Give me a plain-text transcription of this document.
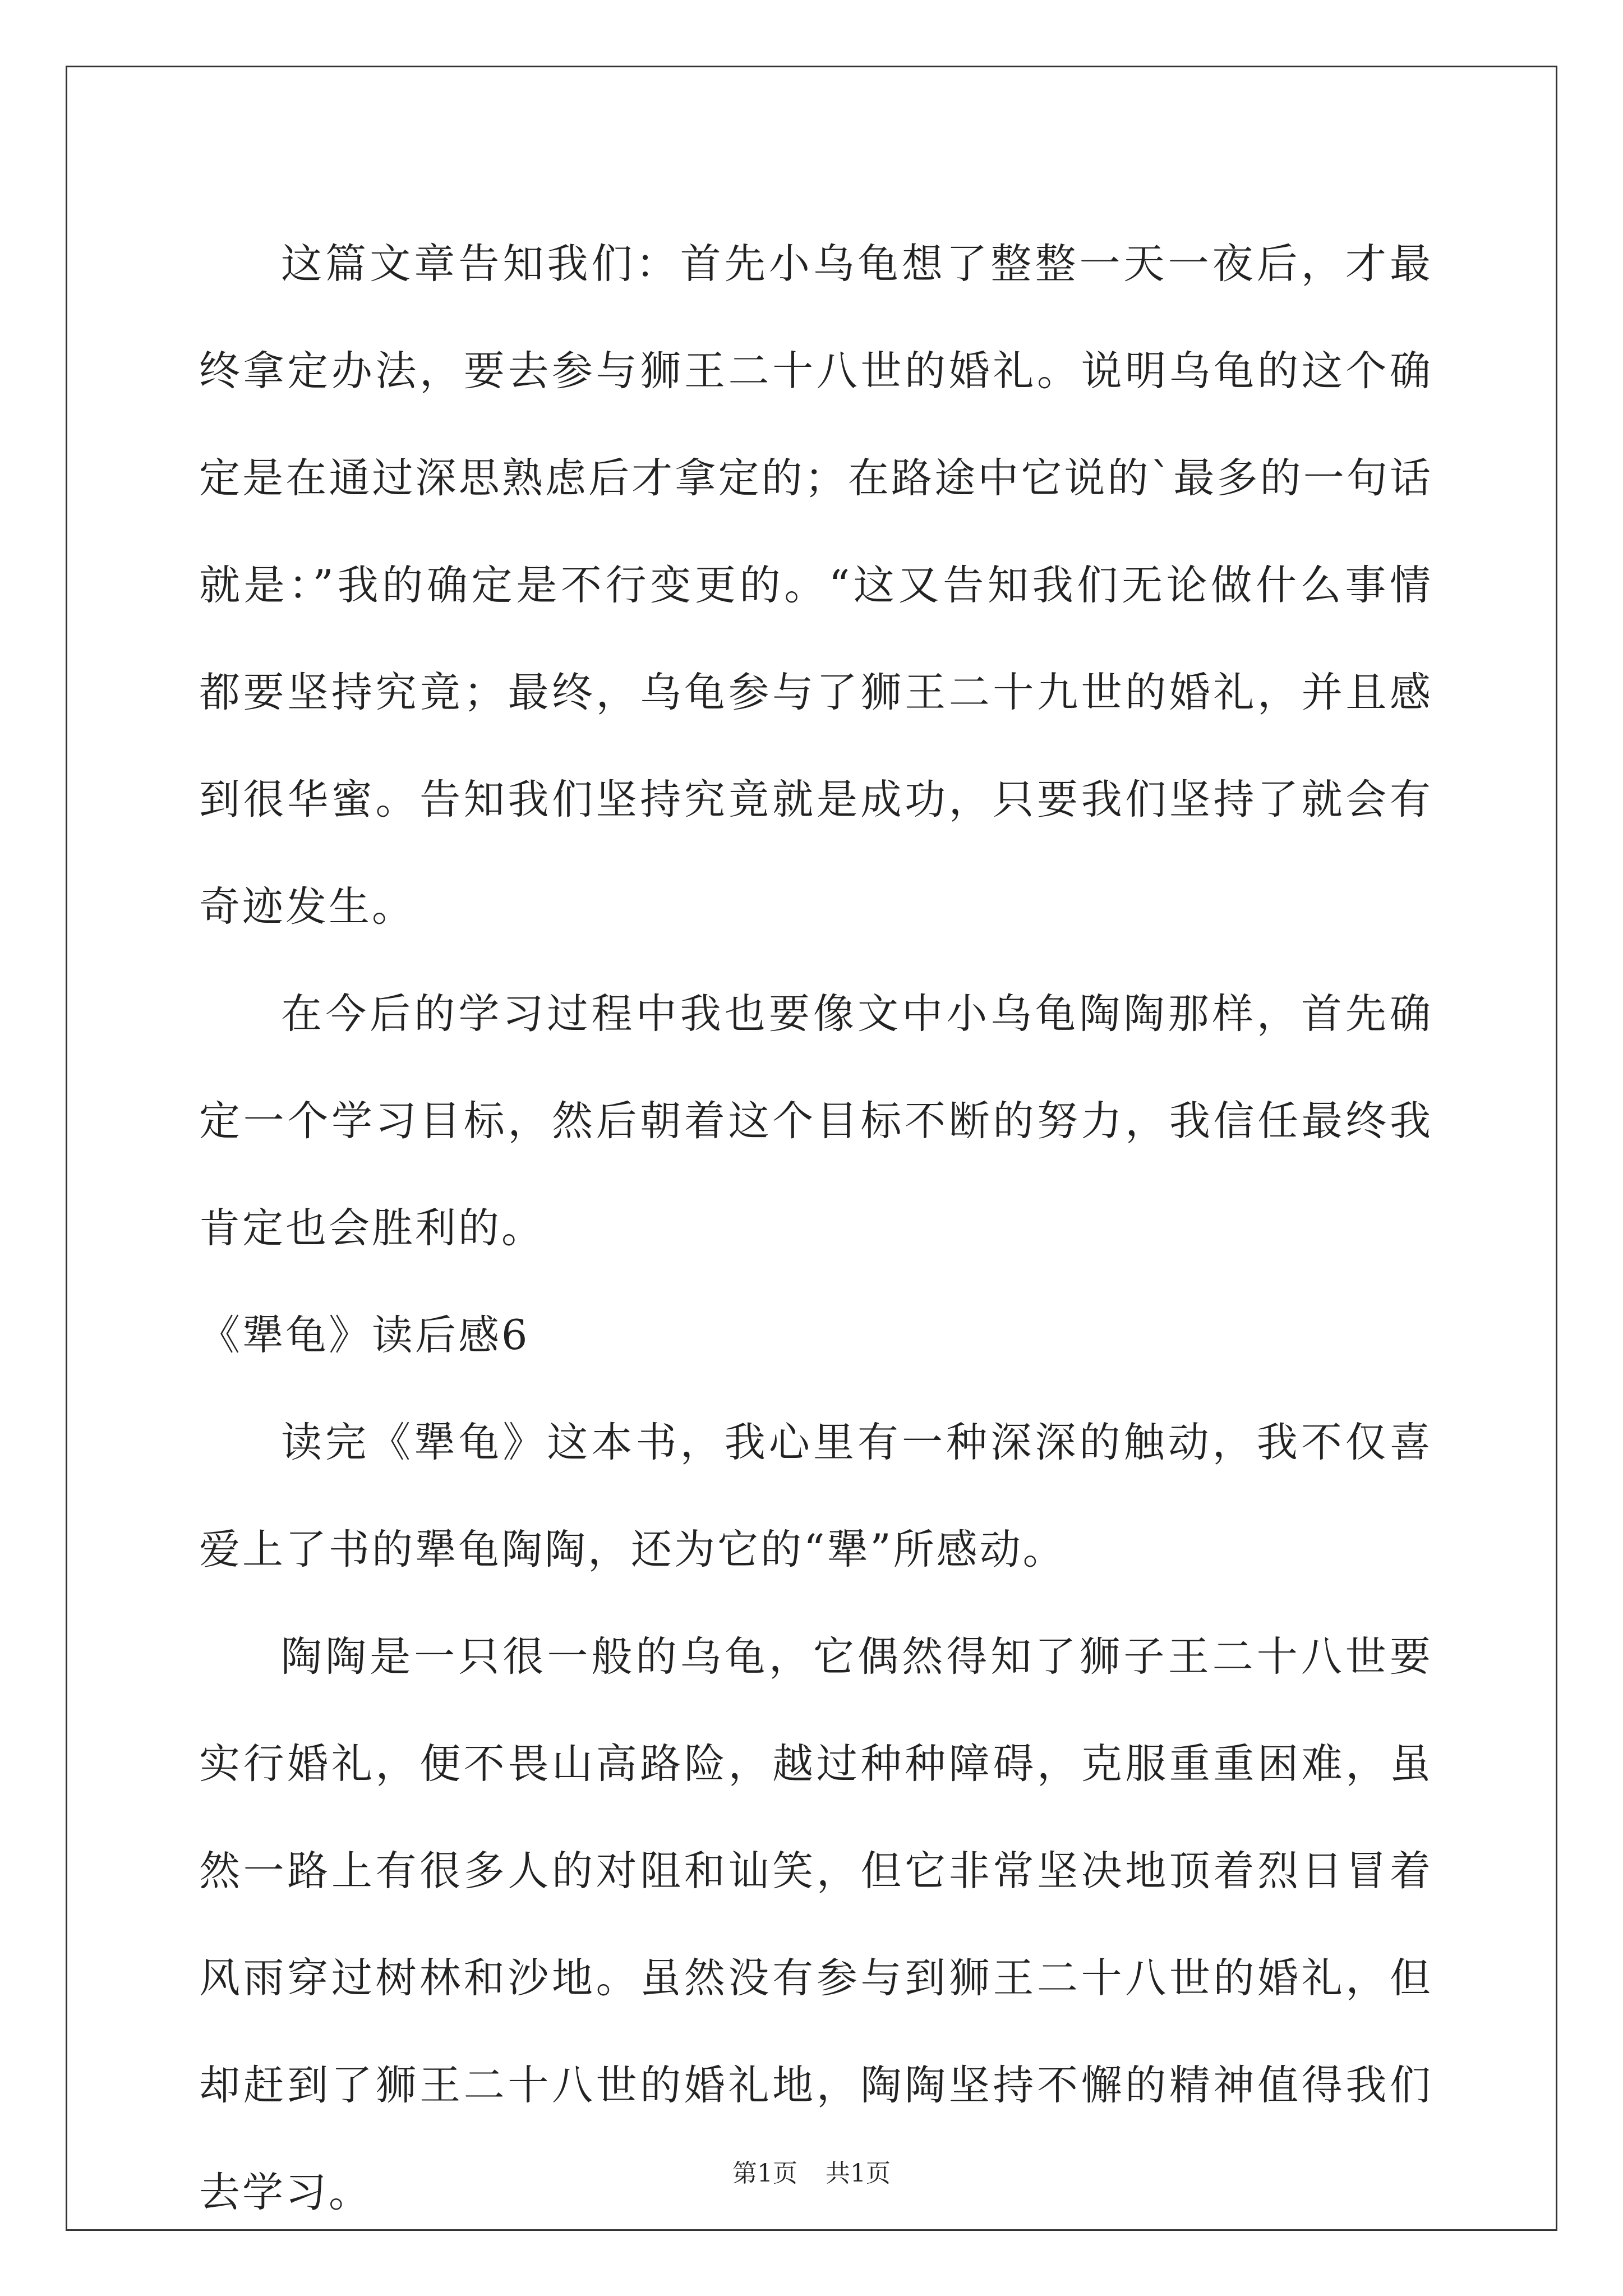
这篇文章告知我们：首先小乌龟想了整整一天一夜后，才最终拿定办法，要去参与狮王二十八世的婚礼。说明乌龟的这个确定是在通过深思熟虑后才拿定的；在路途中它说的`最多的一句话就是：”我的确定是不行变更的。“这又告知我们无论做什么事情都要坚持究竟；最终，乌龟参与了狮王二十九世的婚礼，并且感到很华蜜。告知我们坚持究竟就是成功，只要我们坚持了就会有奇迹发生。

在今后的学习过程中我也要像文中小乌龟陶陶那样，首先确定一个学习目标，然后朝着这个目标不断的努力，我信任最终我肯定也会胜利的。

《犟龟》读后感6

读完《犟龟》这本书，我心里有一种深深的触动，我不仅喜爱上了书的犟龟陶陶，还为它的“犟”所感动。

陶陶是一只很一般的乌龟，它偶然得知了狮子王二十八世要实行婚礼，便不畏山高路险，越过种种障碍，克服重重困难，虽然一路上有很多人的对阻和讪笑，但它非常坚决地顶着烈日冒着风雨穿过树林和沙地。虽然没有参与到狮王二十八世的婚礼，但却赶到了狮王二十八世的婚礼地，陶陶坚持不懈的精神值得我们去学习。	第1页 共1页
